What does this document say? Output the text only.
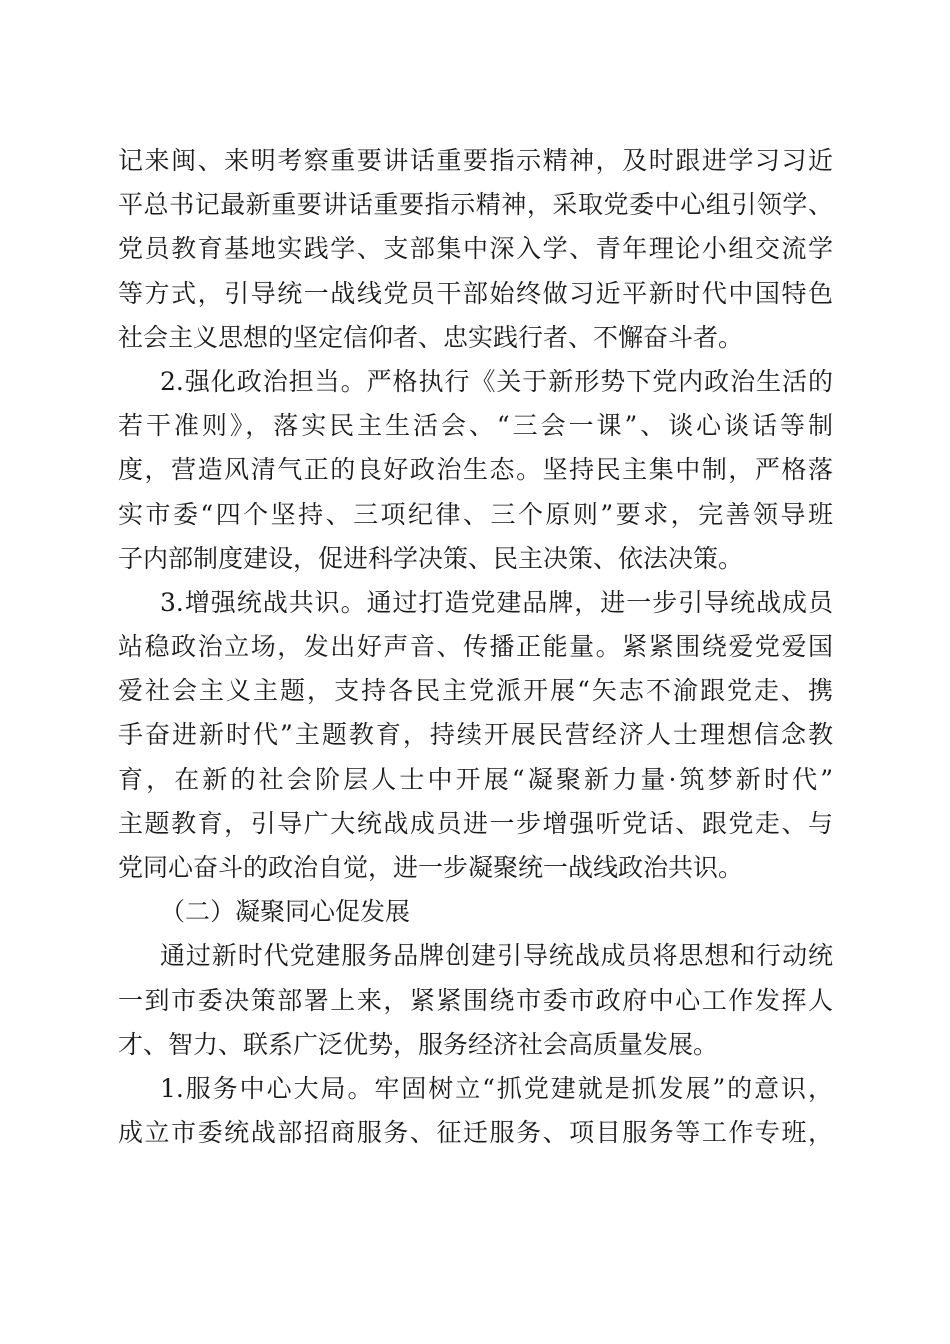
记来闽、来明考察重要讲话重要指示精神，及时跟进学习习近
平总书记最新重要讲话重要指示精神，采取党委中心组引领学、
党员教育基地实践学、支部集中深入学、青年理论小组交流学
等方式，引导统一战线党员干部始终做习近平新时代中国特色
社会主义思想的坚定信仰者、忠实践行者、不懈奋斗者。
2.强化政治担当。严格执行《关于新形势下党内政治生活的
若干准则》，落实民主生活会、“三会一课”、谈心谈话等制
度，营造风清气正的良好政治生态。坚持民主集中制，严格落
实市委“四个坚持、三项纪律、三个原则”要求，完善领导班
子内部制度建设，促进科学决策、民主决策、依法决策。
3.增强统战共识。通过打造党建品牌，进一步引导统战成员
站稳政治立场，发出好声音、传播正能量。紧紧围绕爱党爱国
爱社会主义主题，支持各民主党派开展“矢志不渝跟党走、携
手奋进新时代”主题教育，持续开展民营经济人士理想信念教
育，在新的社会阶层人士中开展“凝聚新力量·筑梦新时代”
主题教育，引导广大统战成员进一步增强听党话、跟党走、与
党同心奋斗的政治自觉，进一步凝聚统一战线政治共识。
（二）凝聚同心促发展
通过新时代党建服务品牌创建引导统战成员将思想和行动统
一到市委决策部署上来，紧紧围绕市委市政府中心工作发挥人
才、智力、联系广泛优势，服务经济社会高质量发展。
1.服务中心大局。牢固树立“抓党建就是抓发展”的意识，
成立市委统战部招商服务、征迁服务、项目服务等工作专班，
